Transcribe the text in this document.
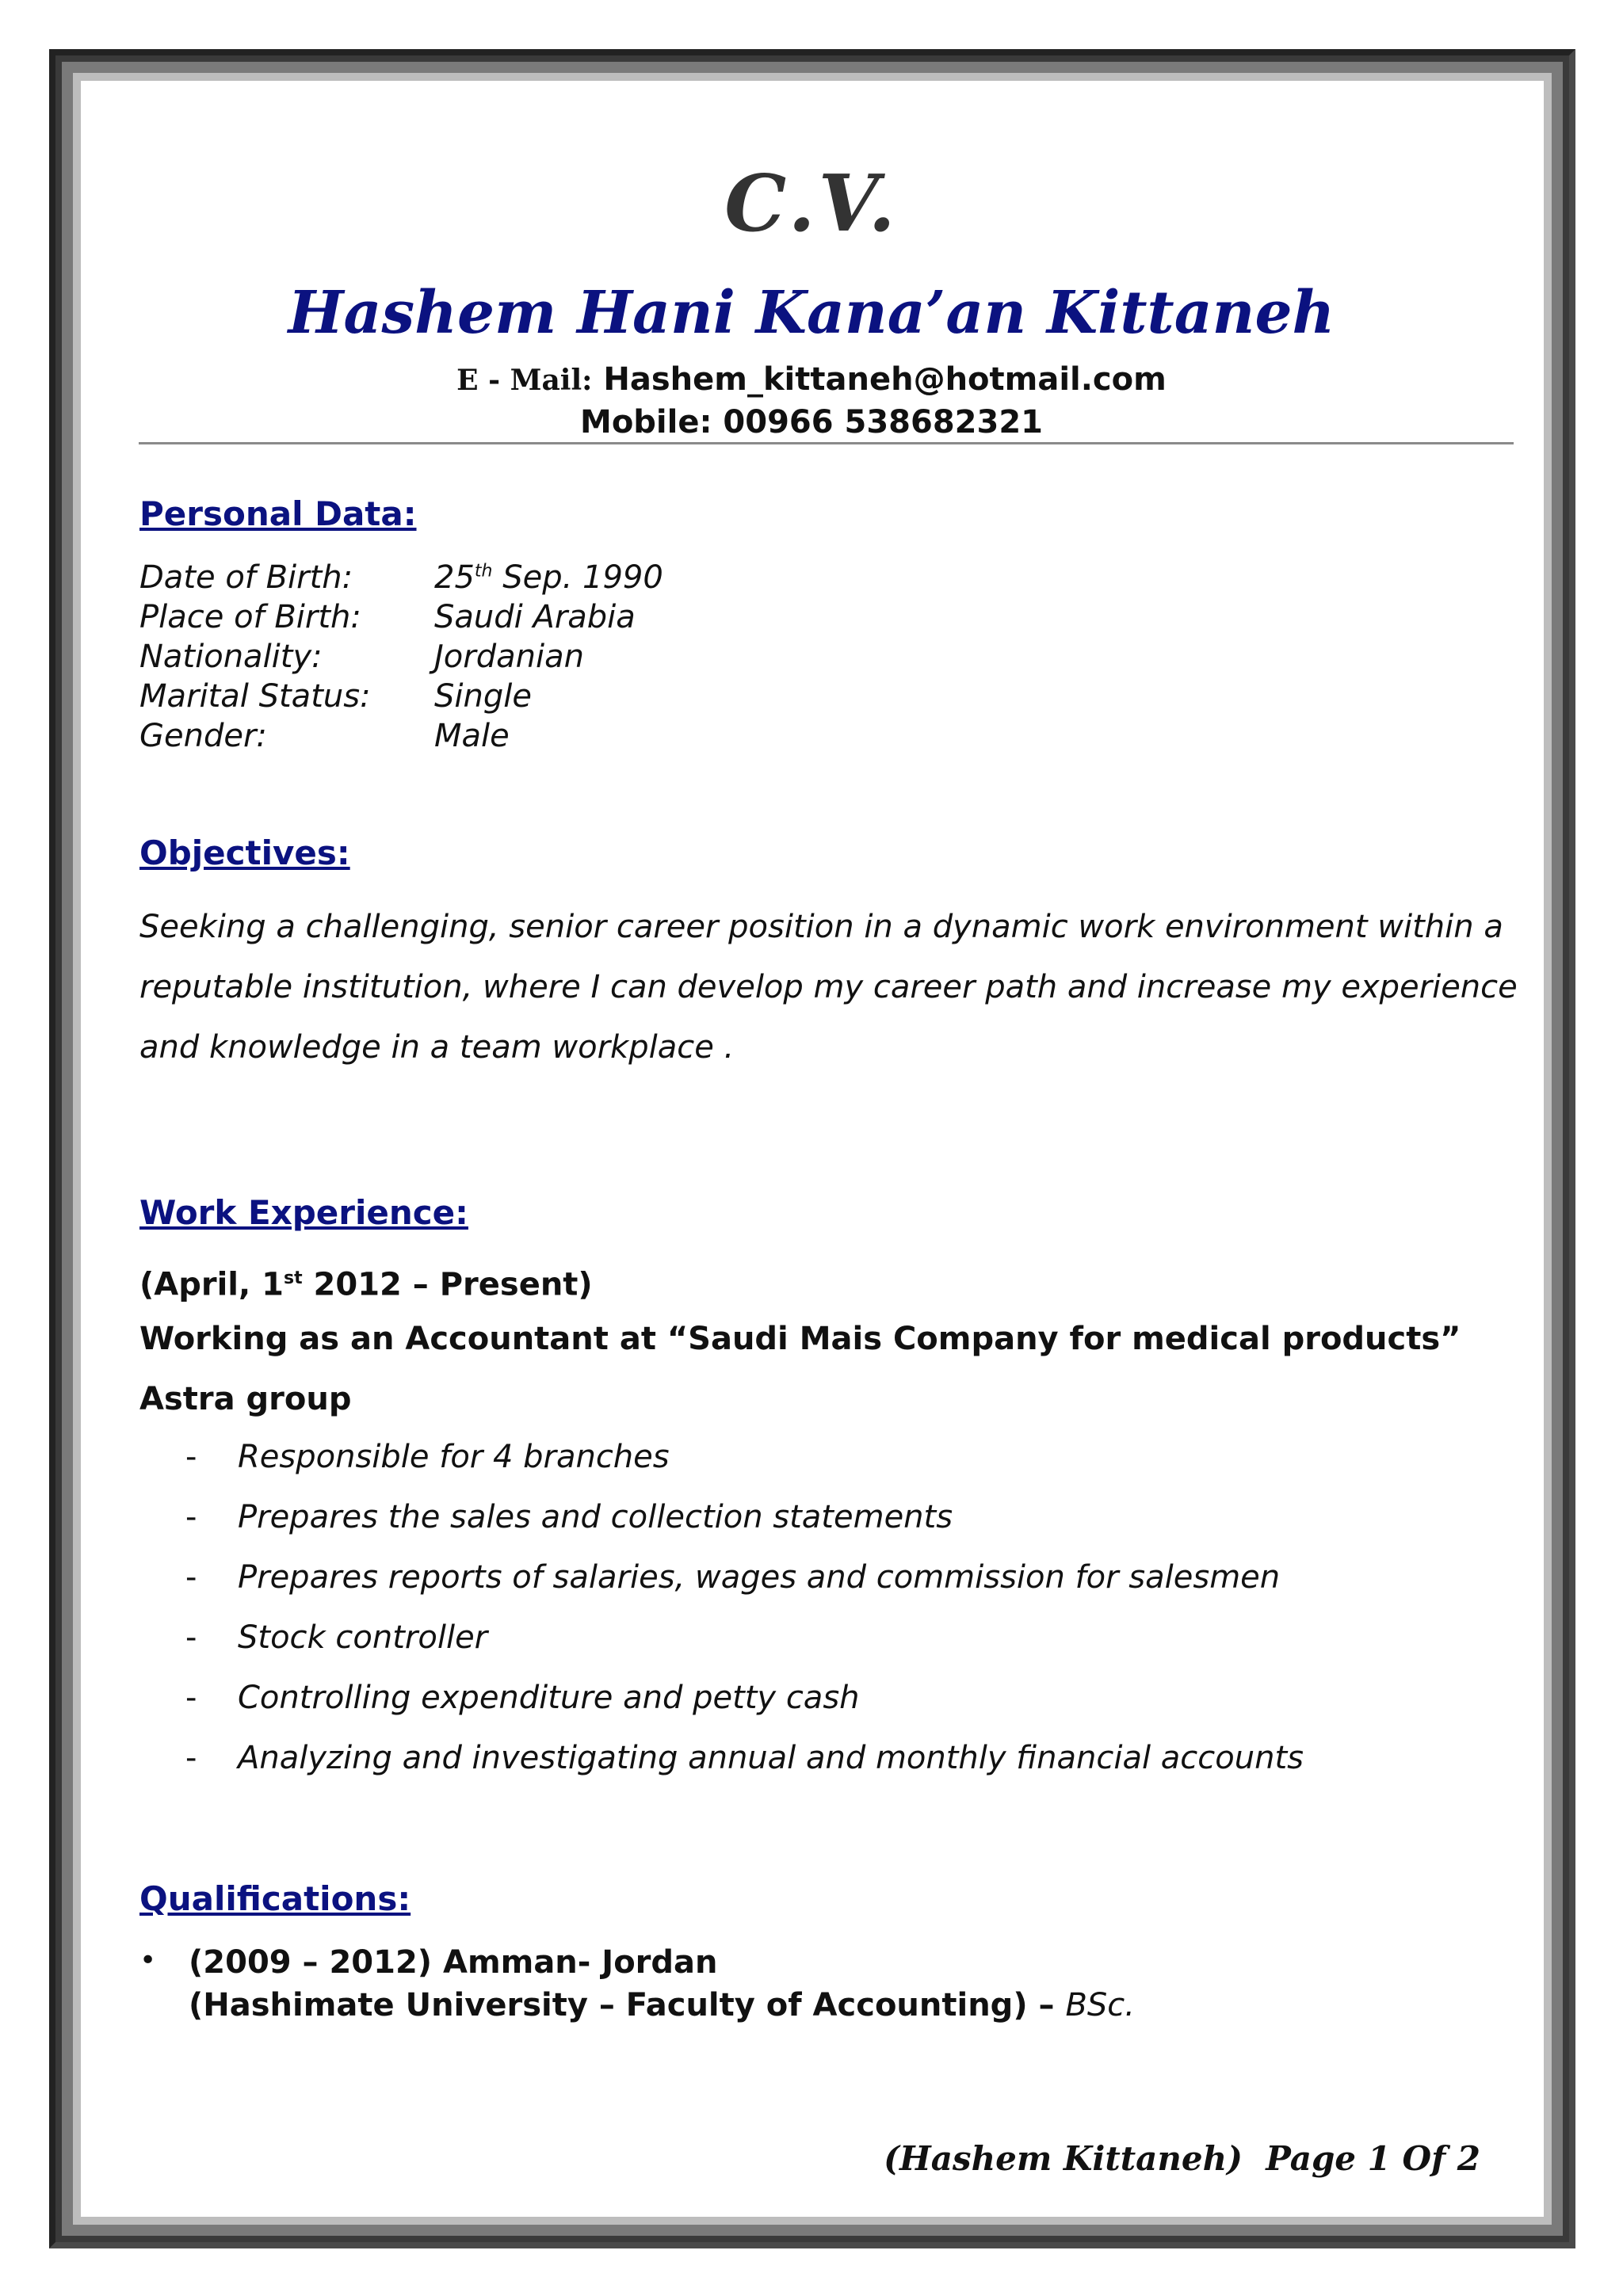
C.V.
Hashem Hani Kana’an Kittaneh
E - Mail: Hashem_kittaneh@hotmail.com
Mobile: 00966 538682321
Personal Data:
Date of Birth:	25th Sep. 1990
Place of Birth: Saudi Arabia
Nationality:	Jordanian
Marital Status: Single
Gender:	Male
Objectives:
Seeking a challenging, senior career position in a dynamic work environment within a reputable institution, where I can develop my career path and increase my experience and knowledge in a team workplace .
Work Experience:
(April, 1st 2012 – Present)
Working as an Accountant at “Saudi Mais Company for medical products” Astra group
- Responsible for 4 branches
- Prepares the sales and collection statements
- Prepares reports of salaries, wages and commission for salesmen
- Stock controller
- Controlling expenditure and petty cash
- Analyzing and investigating annual and monthly financial accounts
Qualifications:
• (2009 – 2012) Amman- Jordan
(Hashimate University – Faculty of Accounting) – BSc.
(Hashem Kittaneh)  Page 1 Of 2
